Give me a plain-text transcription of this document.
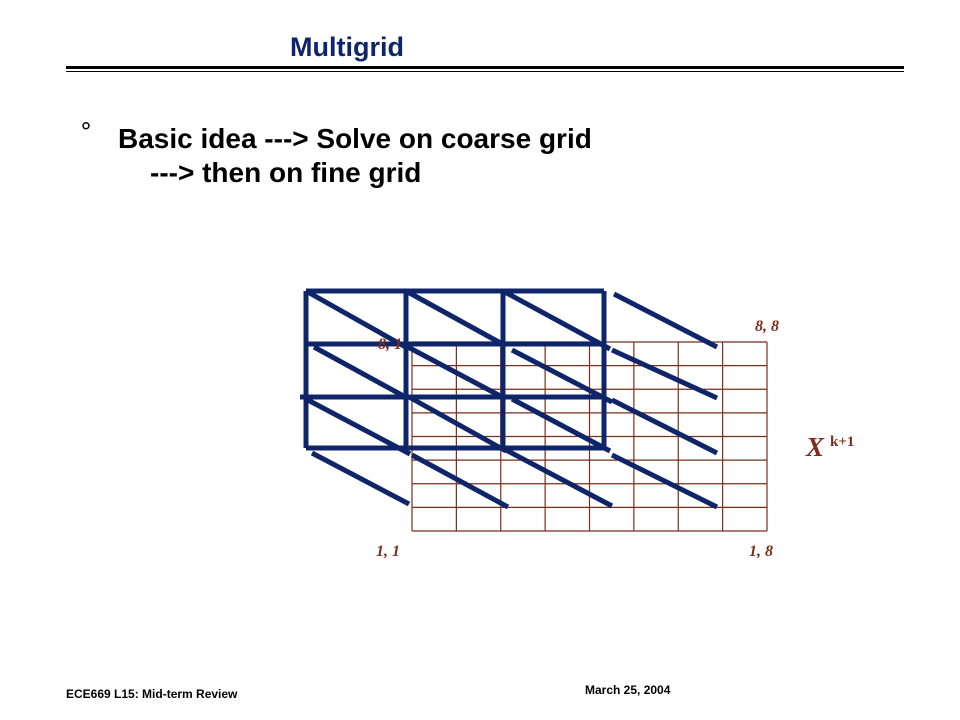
Multigrid
° Basic idea ---> Solve on coarse grid
---> then on fine grid
8, 1
8, 8
1, 1	1, 8
X k+1
ECE669 L15: Mid-term Review	March 25, 2004
